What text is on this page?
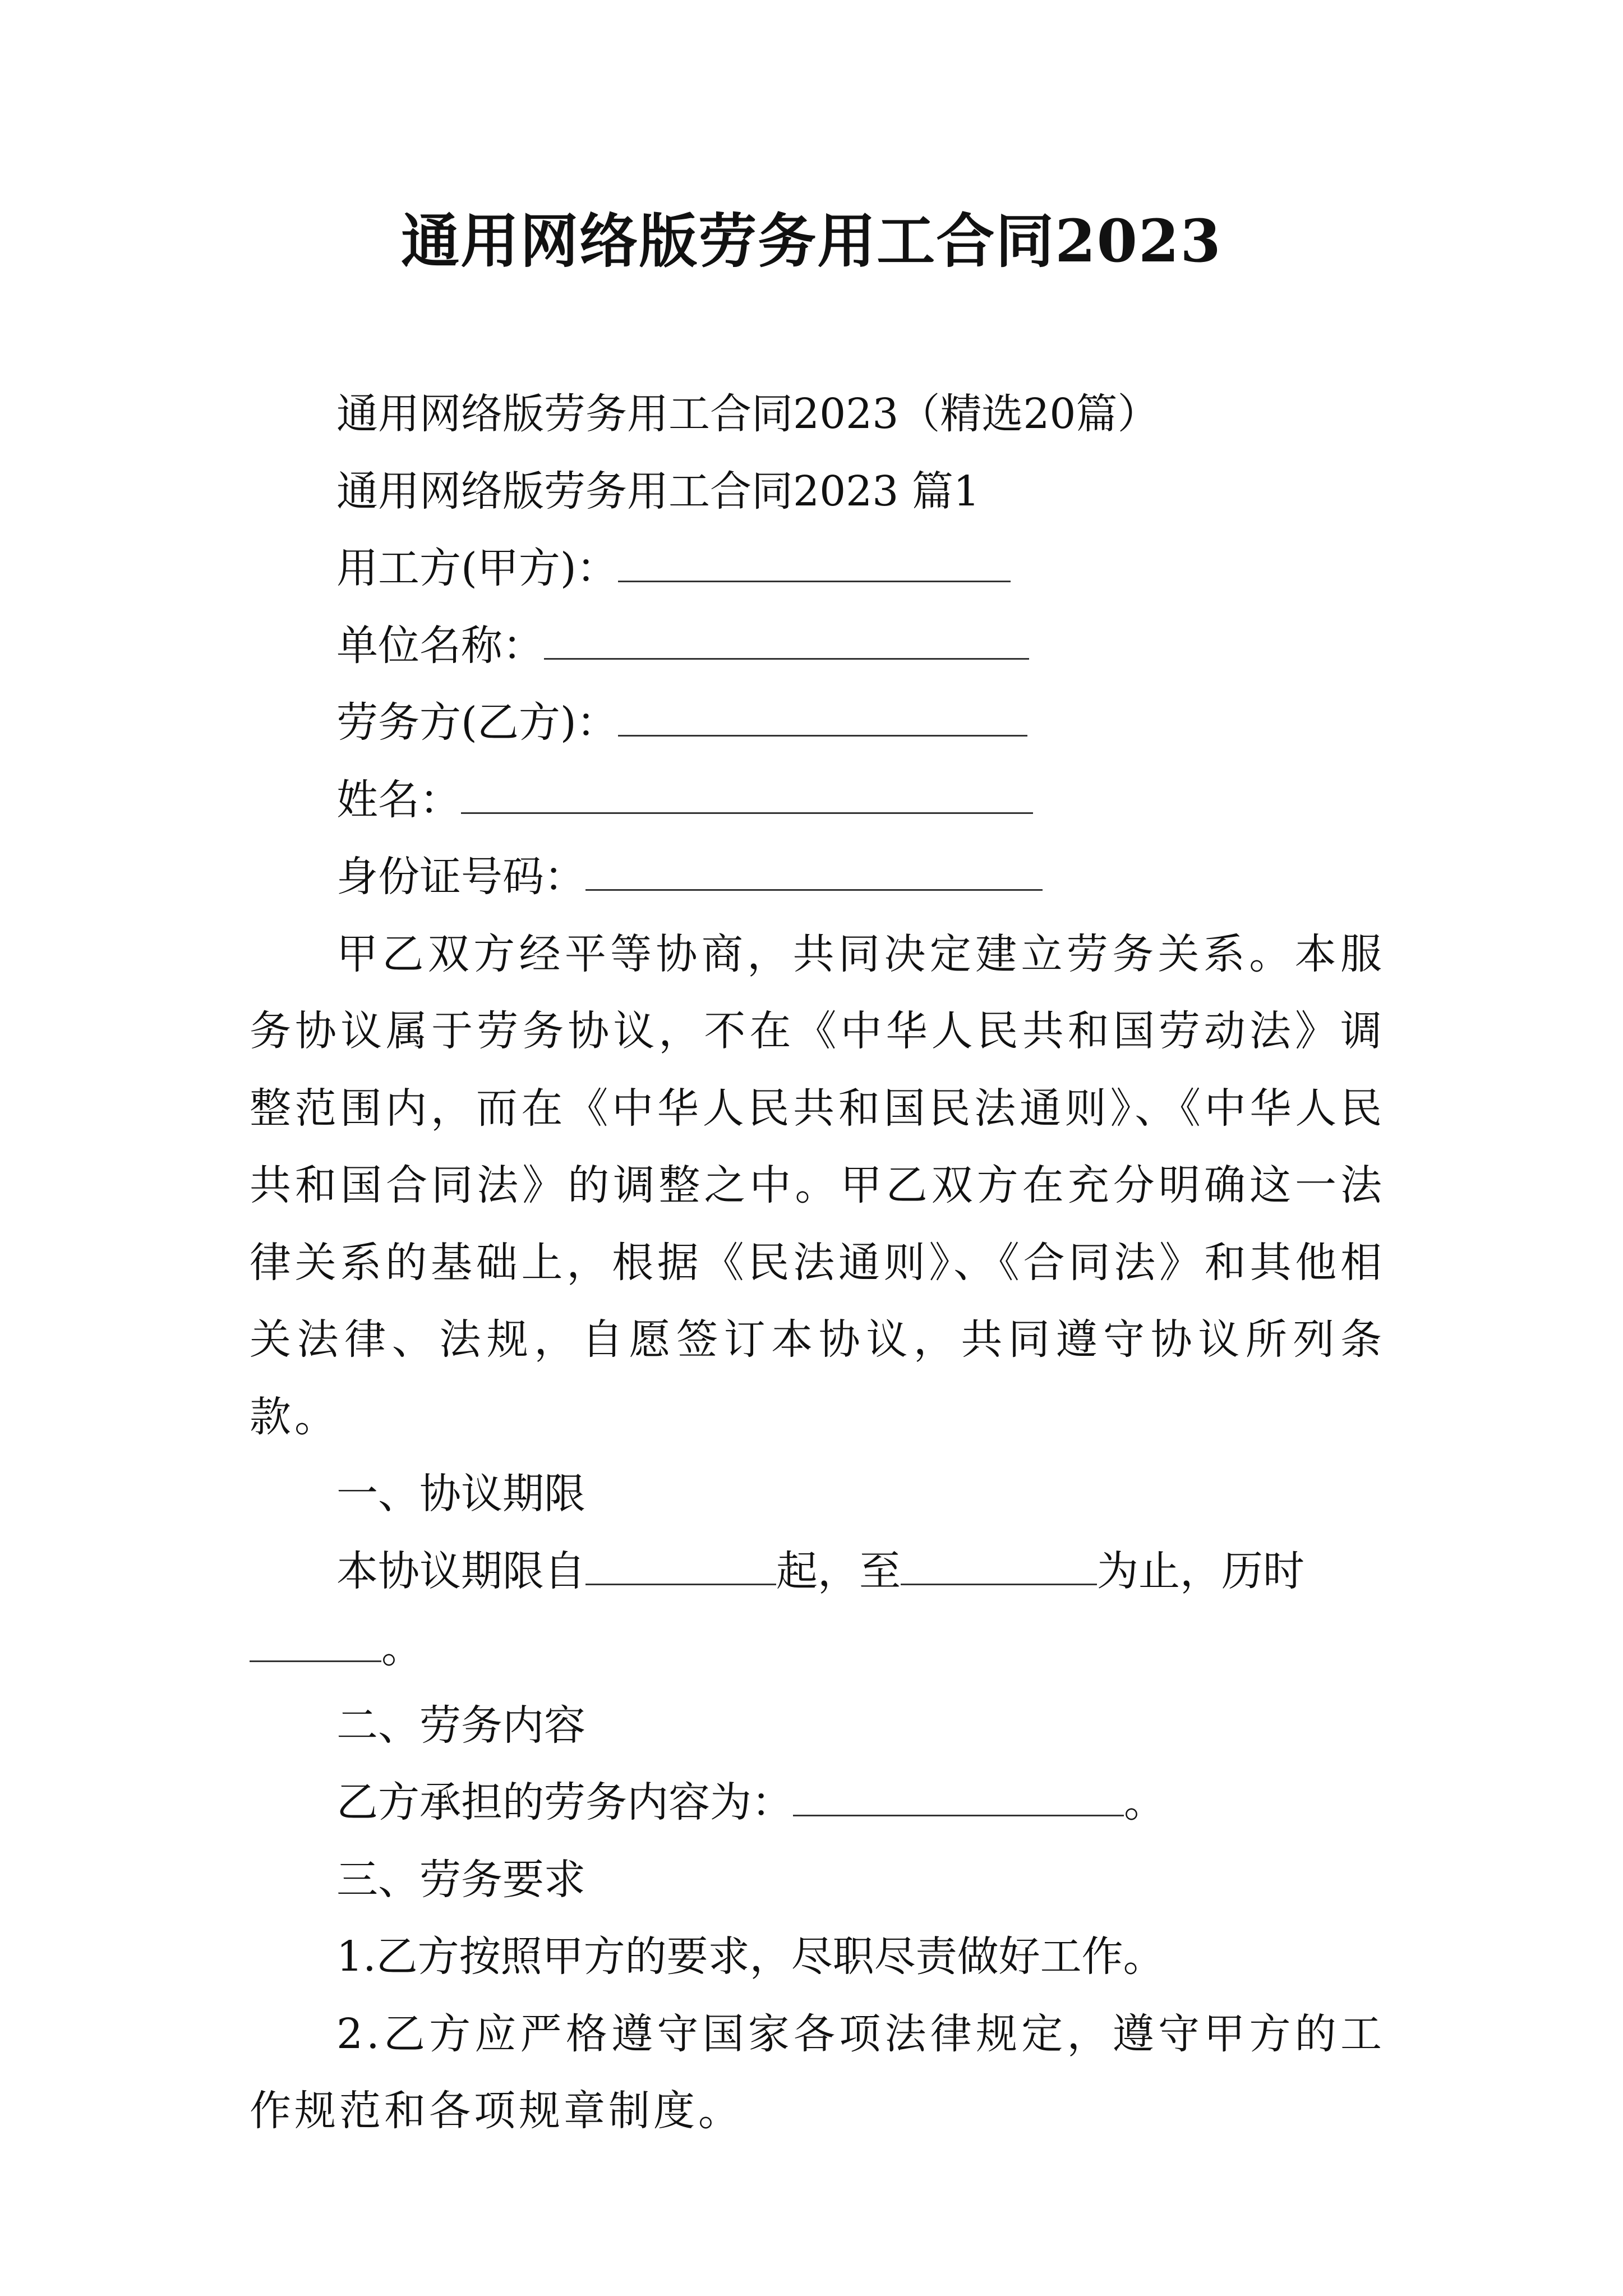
通用网络版劳务用工合同2023
通用网络版劳务用工合同2023（精选20篇）
通用网络版劳务用工合同2023 篇1
用工方(甲方)：
单位名称：
劳务方(乙方)：
姓名：
身份证号码：
甲乙双方经平等协商，共同决定建立劳务关系。本服务协议属于劳务协议，不在《中华人民共和国劳动法》调整范围内，而在《中华人民共和国民法通则》、《中华人民共和国合同法》的调整之中。甲乙双方在充分明确这一法律关系的基础上，根据《民法通则》、《合同法》和其他相关法律、法规，自愿签订本协议，共同遵守协议所列条款。
一、协议期限
本协议期限自	起，至	为止，历时
。
二、劳务内容
乙方承担的劳务内容为：	。
三、劳务要求
1.乙方按照甲方的要求，尽职尽责做好工作。
2.乙方应严格遵守国家各项法律规定，遵守甲方的工作规范和各项规章制度。
